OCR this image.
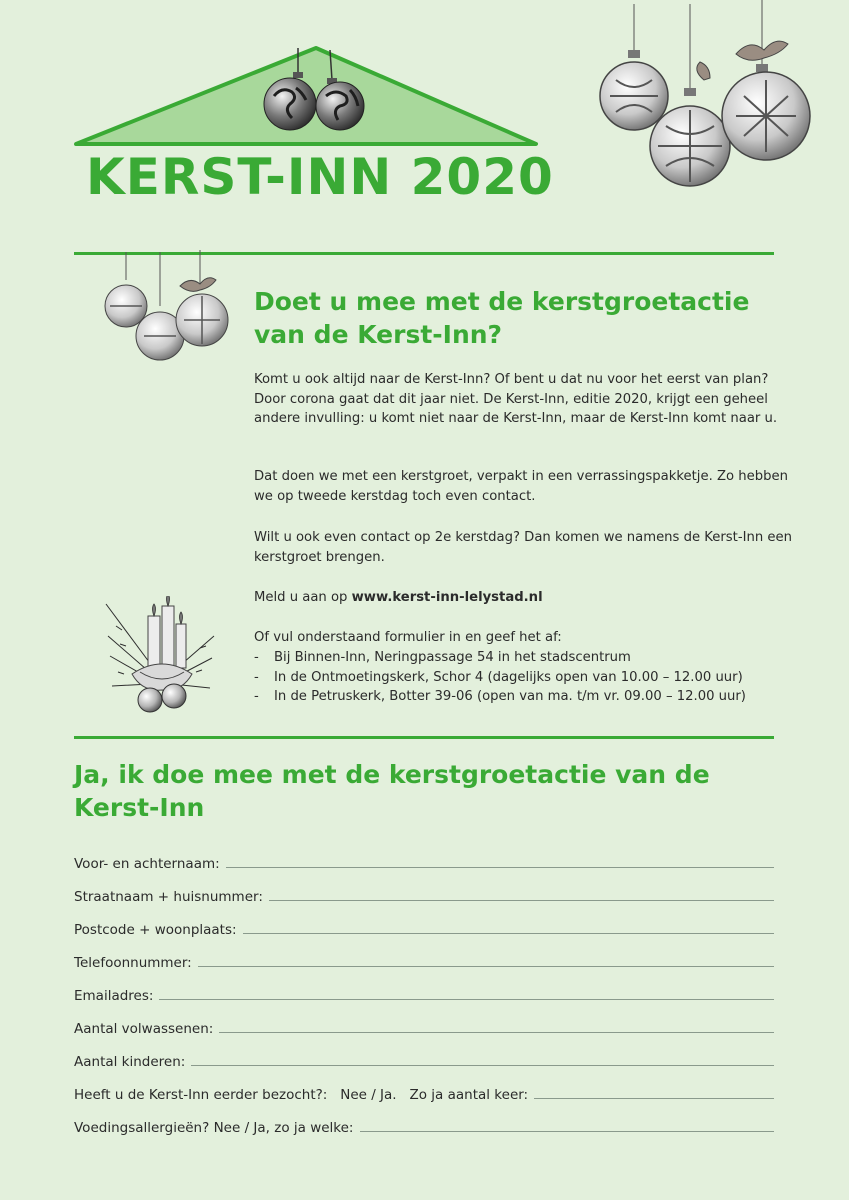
KERST-INN 2020
Doet u mee met de kerstgroetactie van de Kerst-Inn?

Komt u ook altijd naar de Kerst-Inn? Of bent u dat nu voor het eerst van plan? Door corona gaat dat dit jaar niet. De Kerst-Inn, editie 2020, krijgt een geheel andere invulling: u komt niet naar de Kerst-Inn, maar de Kerst-Inn komt naar u.

Dat doen we met een kerstgroet, verpakt in een verrassingspakketje. Zo hebben we op tweede kerstdag toch even contact.

Wilt u ook even contact op 2e kerstdag? Dan komen we namens de Kerst-Inn een kerstgroet brengen.

Meld u aan op www.kerst-inn-lelystad.nl

Of vul onderstaand formulier in en geef het af:

- Bij Binnen-Inn, Neringpassage 54 in het stadscentrum
- In de Ontmoetingskerk, Schor 4 (dagelijks open van 10.00 – 12.00 uur)
- In de Petruskerk, Botter 39-06 (open van ma. t/m vr. 09.00 – 12.00 uur)
Ja, ik doe mee met de kerstgroetactie van de Kerst-Inn
Voor- en achternaam:
Straatnaam + huisnummer:
Postcode + woonplaats:
Telefoonnummer:
Emailadres:
Aantal volwassenen:
Aantal kinderen:
Heeft u de Kerst-Inn eerder bezocht?:   Nee / Ja.   Zo ja aantal keer:
Voedingsallergieën? Nee / Ja, zo ja welke:
